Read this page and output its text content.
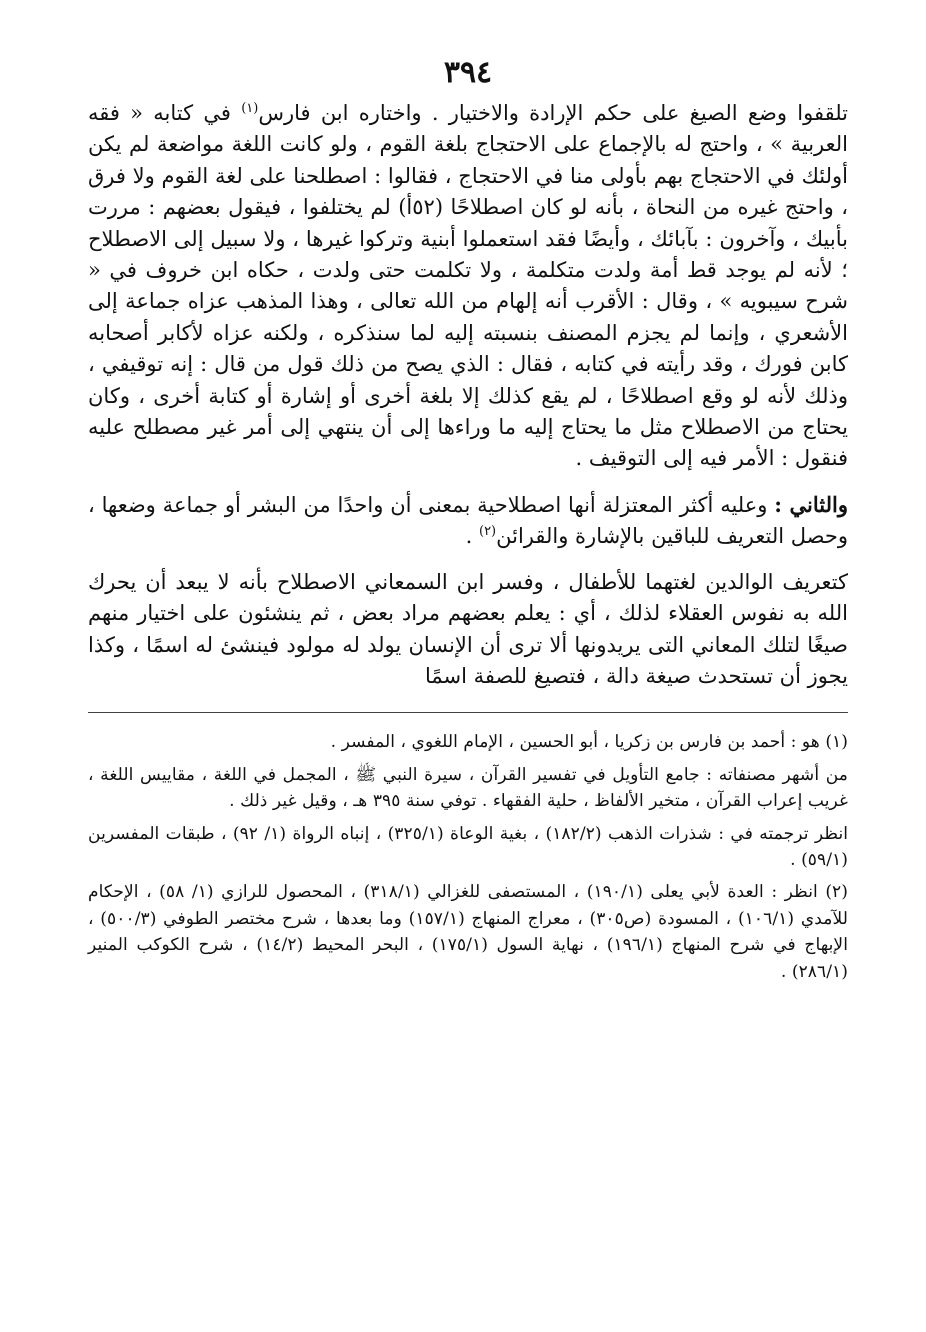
٣٩٤

تلقفوا وضع الصيغ على حكم الإرادة والاختيار . واختاره ابن فارس$^{(١)}$ في كتابه « فقه العربية » ، واحتج له بالإجماع على الاحتجاج بلغة القوم ، ولو كانت اللغة مواضعة لم يكن أولئك في الاحتجاج بهم بأولى منا في الاحتجاج ، فقالوا : اصطلحنا على لغة القوم ولا فرق ، واحتج غيره من النحاة ، بأنه لو كان اصطلاحًا (٥٢أ) لم يختلفوا ، فيقول بعضهم : مررت بأبيك ، وآخرون : بآبائك ، وأيضًا فقد استعملوا أبنية وتركوا غيرها ، ولا سبيل إلى الاصطلاح ؛ لأنه لم يوجد قط أمة ولدت متكلمة ، ولا تكلمت حتى ولدت ، حكاه ابن خروف في « شرح سيبويه » ، وقال : الأقرب أنه إلهام من الله تعالى ، وهذا المذهب عزاه جماعة إلى الأشعري ، وإنما لم يجزم المصنف بنسبته إليه لما سنذكره ، ولكنه عزاه لأكابر أصحابه كابن فورك ، وقد رأيته في كتابه ، فقال : الذي يصح من ذلك قول من قال : إنه توقيفي ، وذلك لأنه لو وقع اصطلاحًا ، لم يقع كذلك إلا بلغة أخرى أو إشارة أو كتابة أخرى ، وكان يحتاج من الاصطلاح مثل ما يحتاج إليه ما وراءها إلى أن ينتهي إلى أمر غير مصطلح عليه فنقول : الأمر فيه إلى التوقيف .

والثاني : وعليه أكثر المعتزلة أنها اصطلاحية بمعنى أن واحدًا من البشر أو جماعة وضعها ، وحصل التعريف للباقين بالإشارة والقرائن$^{(٢)}$ .

كتعريف الوالدين لغتهما للأطفال ، وفسر ابن السمعاني الاصطلاح بأنه لا يبعد أن يحرك الله به نفوس العقلاء لذلك ، أي : يعلم بعضهم مراد بعض ، ثم ينشئون على اختيار منهم صيغًا لتلك المعاني التى يريدونها ألا ترى أن الإنسان يولد له مولود فينشئ له اسمًا ، وكذا يجوز أن تستحدث صيغة دالة ، فتصيغ للصفة اسمًا

(١) هو : أحمد بن فارس بن زكريا ، أبو الحسين ، الإمام اللغوي ، المفسر .

من أشهر مصنفاته : جامع التأويل في تفسير القرآن ، سيرة النبي ﷺ ، المجمل في اللغة ، مقاييس اللغة ، غريب إعراب القرآن ، متخير الألفاظ ، حلية الفقهاء . توفي سنة ٣٩٥ هـ ، وقيل غير ذلك .

انظر ترجمته في : شذرات الذهب (١٨٢/٢) ، بغية الوعاة (٣٢٥/١) ، إنباه الرواة (١/ ٩٢) ، طبقات المفسرين (٥٩/١) .

(٢) انظر : العدة لأبي يعلى (١٩٠/١) ، المستصفى للغزالي (٣١٨/١) ، المحصول للرازي (١/ ٥٨) ، الإحكام للآمدي (١٠٦/١) ، المسودة (ص٣٠٥) ، معراج المنهاج (١٥٧/١) وما بعدها ، شرح مختصر الطوفي (٥٠٠/٣) ، الإبهاج في شرح المنهاج (١٩٦/١) ، نهاية السول (١٧٥/١) ، البحر المحيط (١٤/٢) ، شرح الكوكب المنير (٢٨٦/١) .
